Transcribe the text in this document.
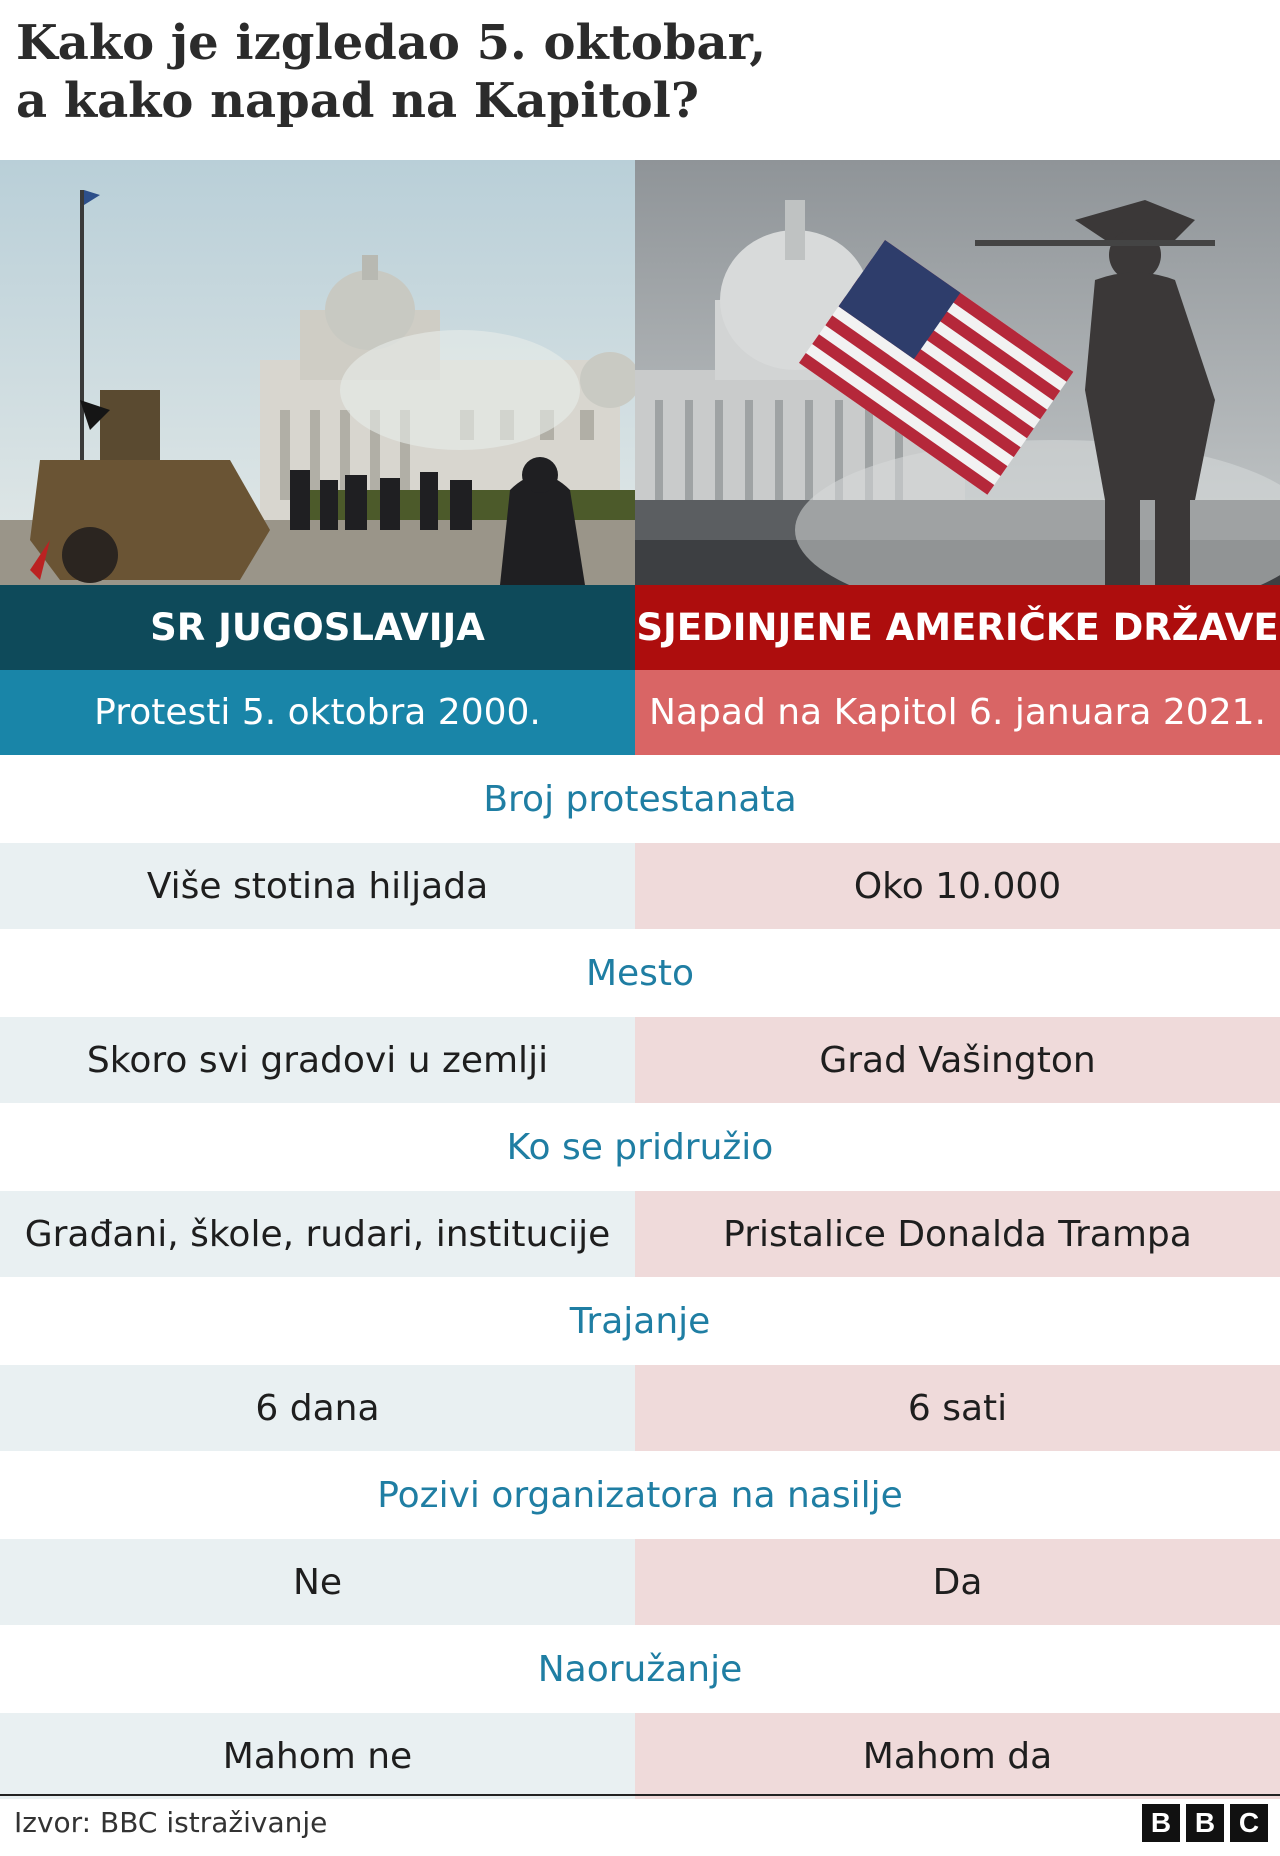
Kako je izgledao 5. oktobar,
a kako napad na Kapitol?
SR JUGOSLAVIJA	SJEDINJENE AMERIČKE DRŽAVE
Protesti 5. oktobra 2000.	Napad na Kapitol 6. januara 2021.
Broj protestanata
Više stotina hiljada	Oko 10.000
Mesto
Skoro svi gradovi u zemlji	Grad Vašington
Ko se pridružio
Građani, škole, rudari, institucije	Pristalice Donalda Trampa
Trajanje
6 dana	6 sati
Pozivi organizatora na nasilje
Ne	Da
Naoružanje
Mahom ne	Mahom da
Izvor: BBC istraživanje	B B C
